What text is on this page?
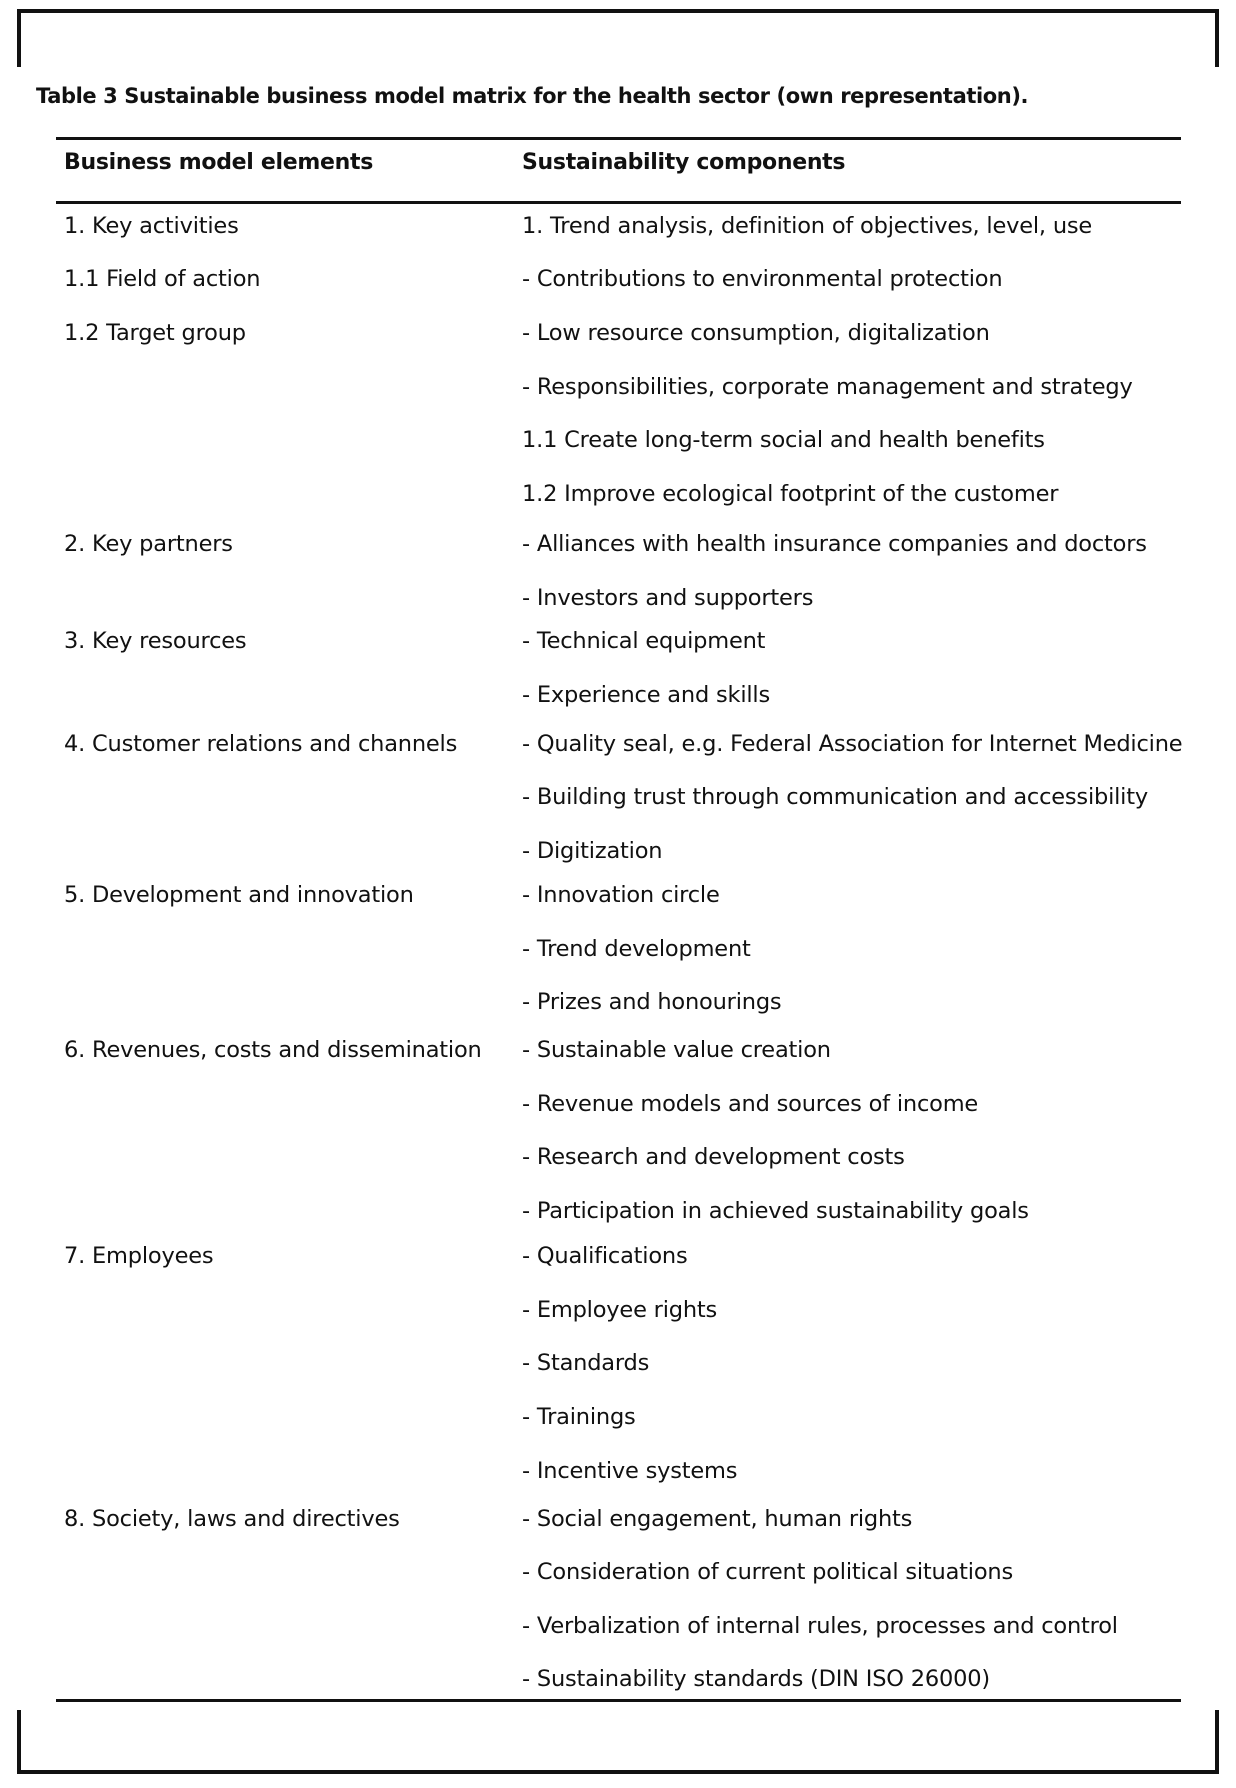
Table 3 Sustainable business model matrix for the health sector (own representation).
Business model elements	Sustainability components
1. Key activities
1.1 Field of action
1.2 Target group
2. Key partners
3. Key resources
4. Customer relations and channels
5. Development and innovation
6. Revenues, costs and dissemination
7. Employees
8. Society, laws and directives
1. Trend analysis, definition of objectives, level, use
- Contributions to environmental protection
- Low resource consumption, digitalization
- Responsibilities, corporate management and strategy
1.1 Create long-term social and health benefits
1.2 Improve ecological footprint of the customer
- Alliances with health insurance companies and doctors
- Investors and supporters
- Technical equipment
- Experience and skills
- Quality seal, e.g. Federal Association for Internet Medicine
- Building trust through communication and accessibility
- Digitization
- Innovation circle
- Trend development
- Prizes and honourings
- Sustainable value creation
- Revenue models and sources of income
- Research and development costs
- Participation in achieved sustainability goals
- Qualifications
- Employee rights
- Standards
- Trainings
- Incentive systems
- Social engagement, human rights
- Consideration of current political situations
- Verbalization of internal rules, processes and control
- Sustainability standards (DIN ISO 26000)
